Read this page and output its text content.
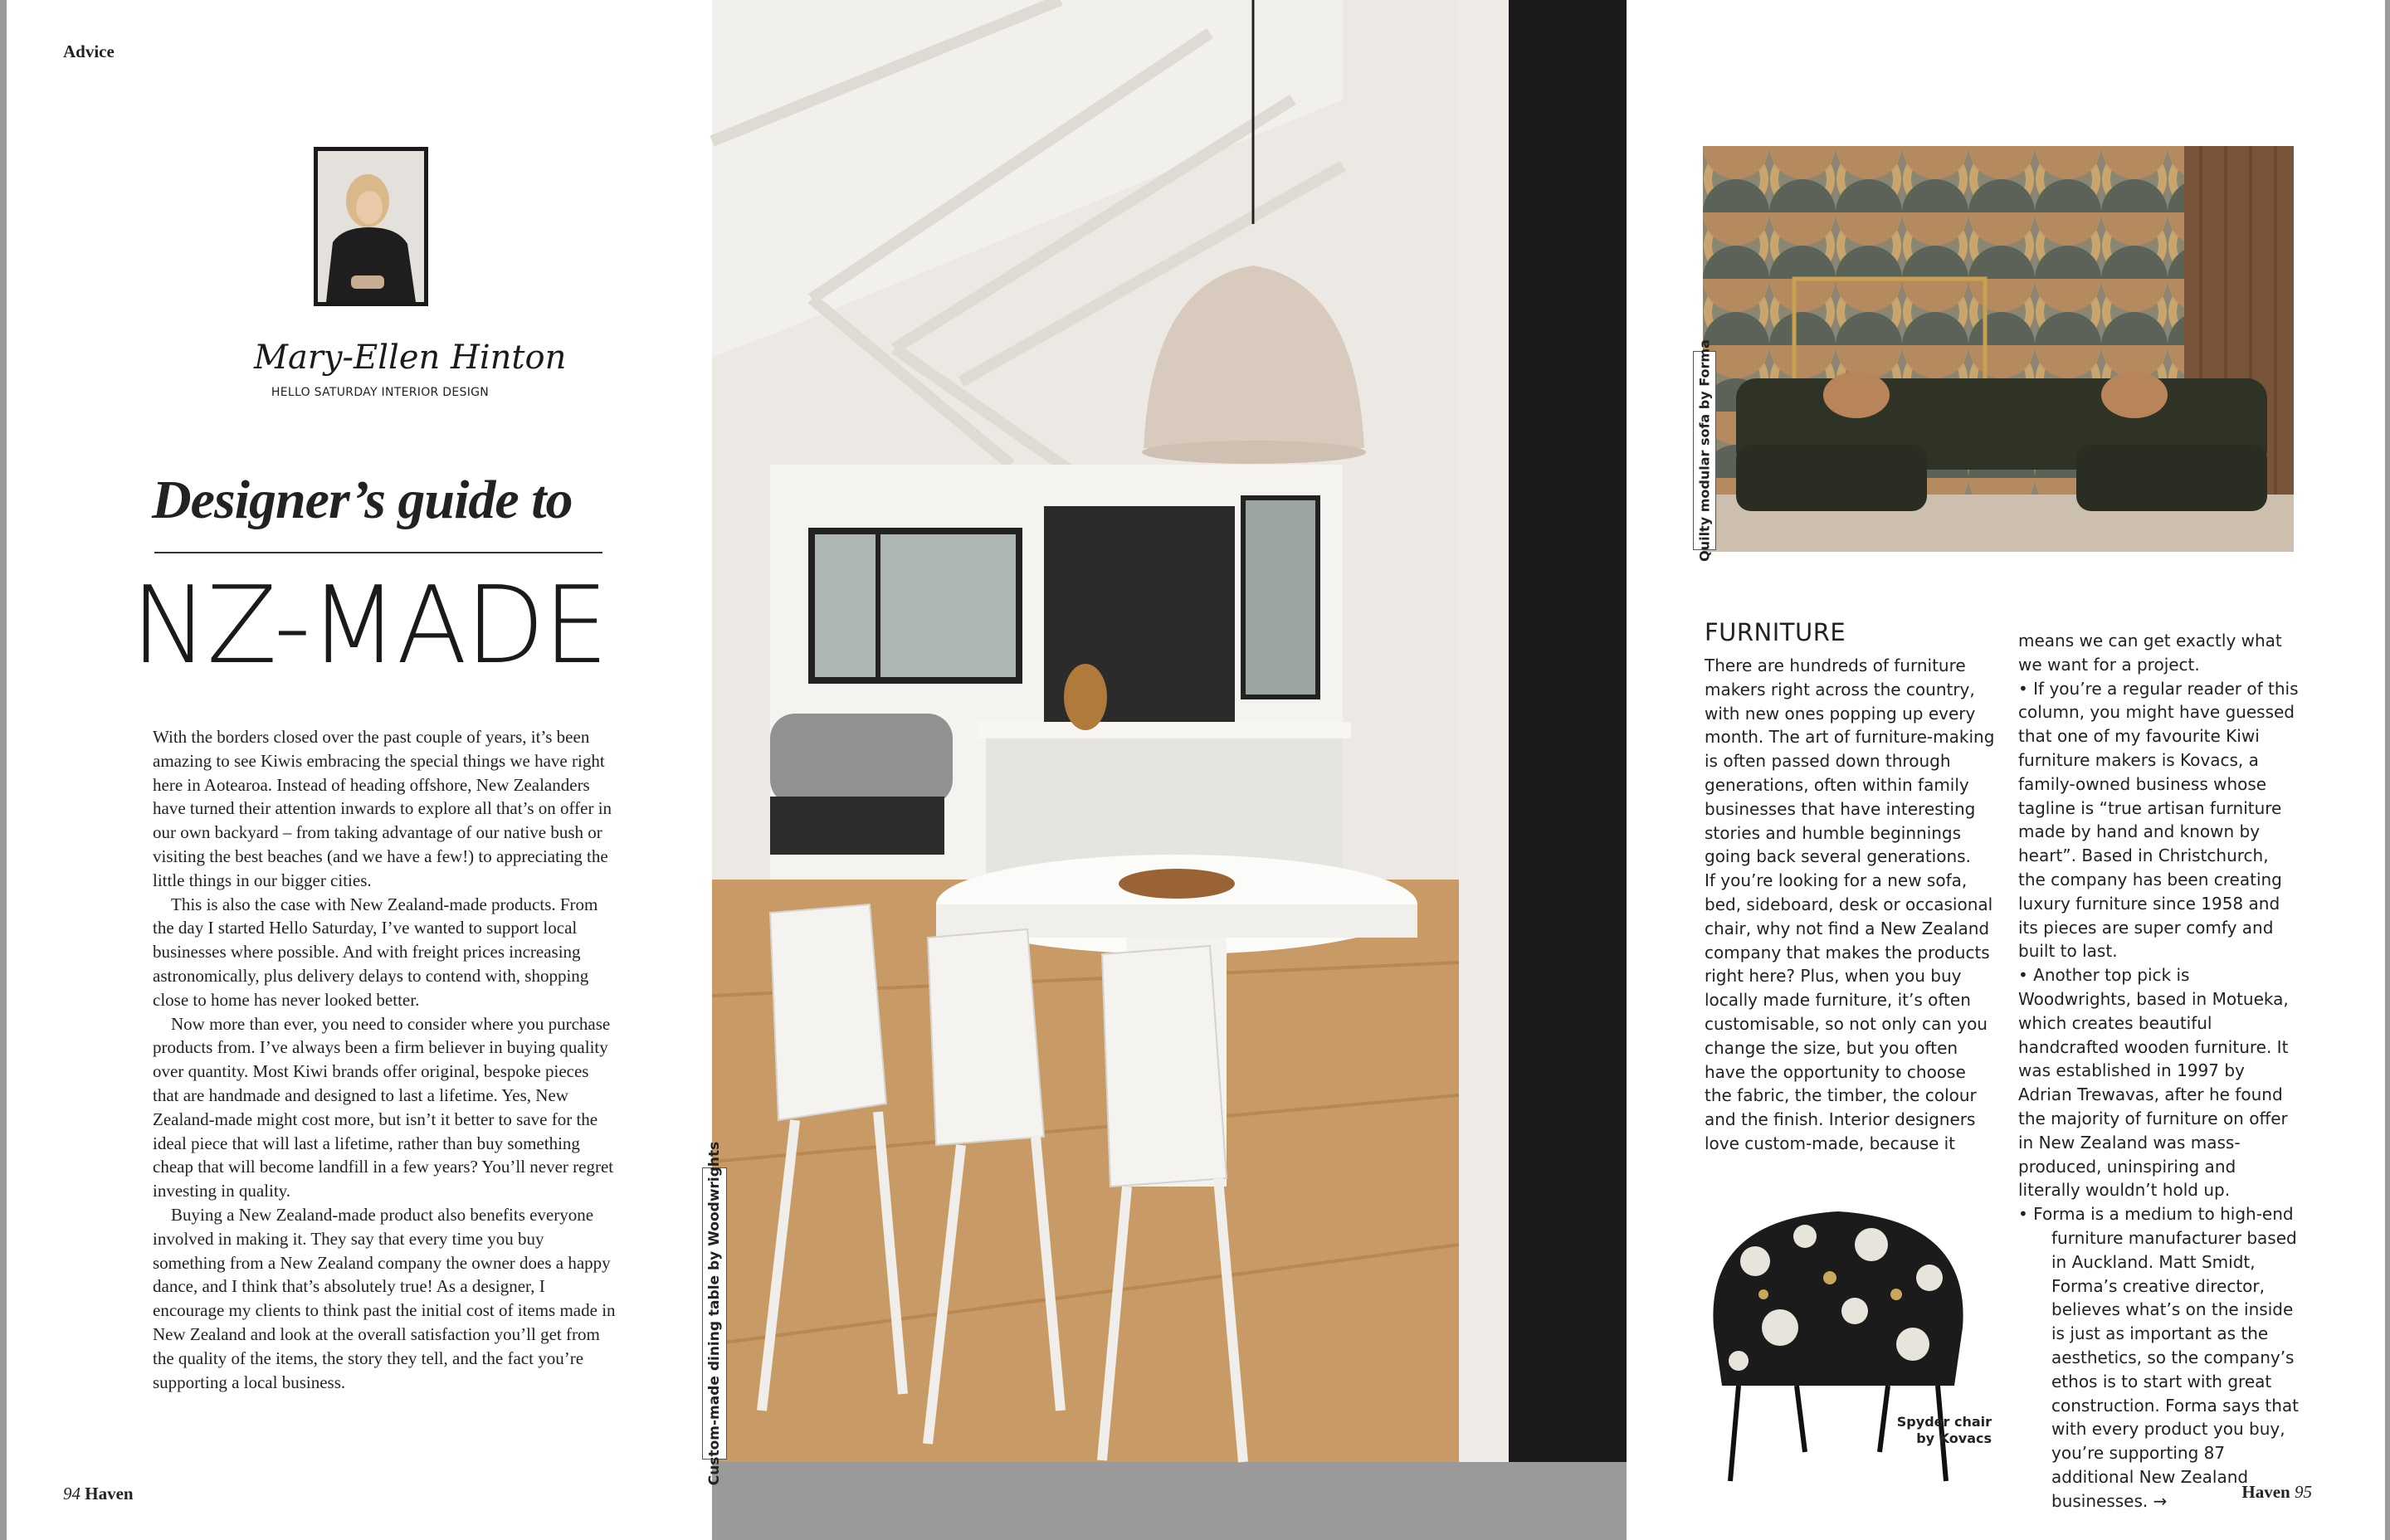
Advice
Mary-Ellen Hinton
HELLO SATURDAY INTERIOR DESIGN
Designer’s guide to
NZ-MADE

With the borders closed over the past couple of years, it’s been amazing to see Kiwis embracing the special things we have right here in Aotearoa. Instead of heading offshore, New Zealanders have turned their attention inwards to explore all that’s on offer in our own backyard – from taking advantage of our native bush or visiting the best beaches (and we have a few!) to appreciating the little things in our bigger cities.

This is also the case with New Zealand-made products. From the day I started Hello Saturday, I’ve wanted to support local businesses where possible. And with freight prices increasing astronomically, plus delivery delays to contend with, shopping close to home has never looked better.

Now more than ever, you need to consider where you purchase products from. I’ve always been a firm believer in buying quality over quantity. Most Kiwi brands offer original, bespoke pieces that are handmade and designed to last a lifetime. Yes, New Zealand-made might cost more, but isn’t it better to save for the ideal piece that will last a lifetime, rather than buy something cheap that will become landfill in a few years? You’ll never regret investing in quality.

Buying a New Zealand-made product also benefits everyone involved in making it. They say that every time you buy something from a New Zealand company the owner does a happy dance, and I think that’s absolutely true! As a designer, I encourage my clients to think past the initial cost of items made in New Zealand and look at the overall satisfaction you’ll get from the quality of the items, the story they tell, and the fact you’re supporting a local business.

94 Haven
Custom-made dining table by Woodwrights
Quilty modular sofa by Forma
FURNITURE

There are hundreds of furniture makers right across the country, with new ones popping up every month. The art of furniture-making is often passed down through generations, often within family businesses that have interesting stories and humble beginnings going back several generations.

If you’re looking for a new sofa, bed, sideboard, desk or occasional chair, why not find a New Zealand company that makes the products right here? Plus, when you buy locally made furniture, it’s often customisable, so not only can you change the size, but you often have the opportunity to choose the fabric, the timber, the colour and the finish. Interior designers love custom-made, because it

means we can get exactly what we want for a project.

• If you’re a regular reader of this column, you might have guessed that one of my favourite Kiwi furniture makers is Kovacs, a family-owned business whose tagline is “true artisan furniture made by hand and known by heart”. Based in Christchurch, the company has been creating luxury furniture since 1958 and its pieces are super comfy and built to last.

• Another top pick is Woodwrights, based in Motueka, which creates beautiful handcrafted wooden furniture. It was established in 1997 by Adrian Trewavas, after he found the majority of furniture on offer in New Zealand was mass-produced, uninspiring and literally wouldn’t hold up.

• Forma is a medium to high-end

furniture manufacturer based in Auckland. Matt Smidt, Forma’s creative director, believes what’s on the inside is just as important as the aesthetics, so the company’s ethos is to start with great construction. Forma says that with every product you buy, you’re supporting 87 additional New Zealand businesses. →

Spyder chair
by Kovacs
Haven 95
